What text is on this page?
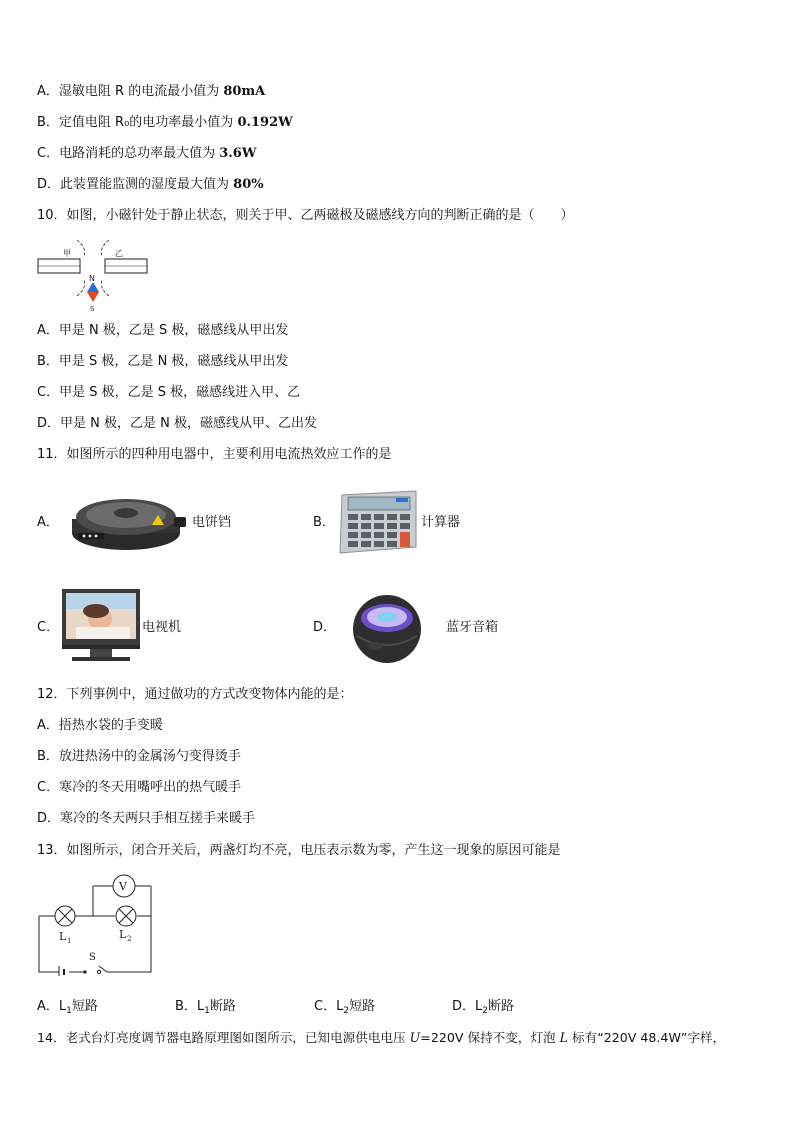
A．湿敏电阻 R 的电流最小值为 80mA
B．定值电阻 R₀的电功率最小值为 0.192W
C．电路消耗的总功率最大值为 3.6W
D．此装置能监测的湿度最大值为 80%
10．如图，小磁针处于静止状态，则关于甲、乙两磁极及磁感线方向的判断正确的是（　　）
甲	乙
N
S
A．甲是 N 极，乙是 S 极，磁感线从甲出发
B．甲是 S 极，乙是 N 极，磁感线从甲出发
C．甲是 S 极，乙是 S 极，磁感线进入甲、乙
D．甲是 N 极，乙是 N 极，磁感线从甲、乙出发
11．如图所示的四种用电器中，主要利用电流热效应工作的是
A．	电饼铛	B．	计算器
C．	电视机	D．	蓝牙音箱
12．下列事例中，通过做功的方式改变物体内能的是：
A．捂热水袋的手变暖
B．放进热汤中的金属汤勺变得烫手
C．寒冷的冬天用嘴呼出的热气暖手
D．寒冷的冬天两只手相互搓手来暖手
13．如图所示，闭合开关后，两盏灯均不亮，电压表示数为零，产生这一现象的原因可能是
V
L 1	L 2
S
A．$L_1$短路	B．$L_1$断路	C．$L_2$短路	D．$L_2$断路
14．老式台灯亮度调节器电路原理图如图所示，已知电源供电电压 U=220V 保持不变，灯泡 L 标有“220V 48.4W”字样，
